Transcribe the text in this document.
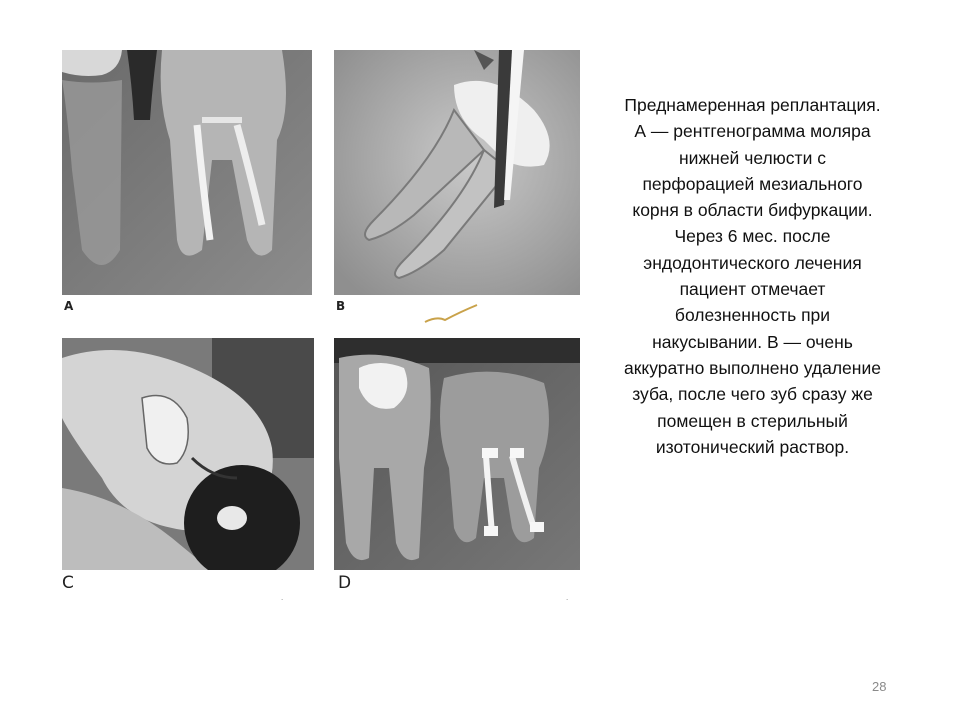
A	B
C
·
D
·
Преднамеренная реплантация.
А — рентгенограмма моляра
нижней челюсти с
перфорацией мезиального
корня в области бифуркации.
Через 6 мес. после
эндодонтического лечения
пациент отмечает
болезненность при
накусывании. В — очень
аккуратно выполнено удаление
зуба, после чего зуб сразу же
помещен в стерильный
изотонический раствор.
28
